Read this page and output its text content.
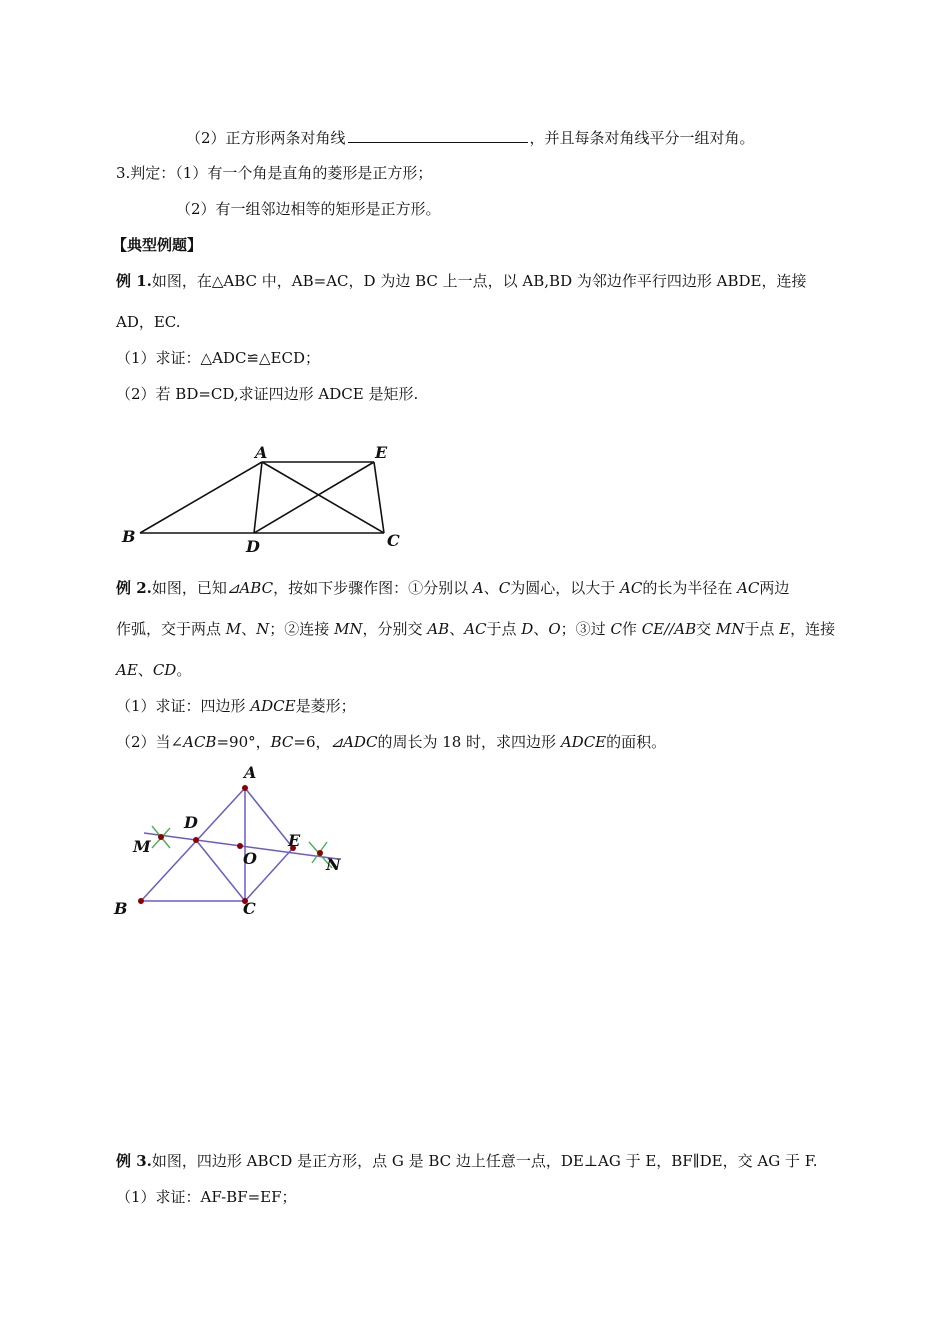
（2）正方形两条对角线	，并且每条对角线平分一组对角。
3.判定：（1）有一个角是直角的菱形是正方形；
（2）有一组邻边相等的矩形是正方形。
【典型例题】
例 1.如图，在△ABC 中，AB=AC，D 为边 BC 上一点，以 AB,BD 为邻边作平行四边形 ABDE，连接
AD，EC.
（1）求证：△ADC≌△ECD；
（2）若 BD=CD,求证四边形 ADCE 是矩形.
A	E
B
D	C
例 2.如图，已知⊿ABC，按如下步骤作图：①分别以 A、C为圆心，以大于 AC的长为半径在 AC两边
作弧，交于两点 M、N；②连接 MN，分别交 AB、AC于点 D、O；③过 C作 CE//AB交 MN于点 E，连接
AE、CD。
（1）求证：四边形 ADCE是菱形；
（2）当∠ACB=90°，BC=6，⊿ADC的周长为 18 时，求四边形 ADCE的面积。
A
D
M
O
E
N
B	C
例 3.如图，四边形 ABCD 是正方形，点 G 是 BC 边上任意一点，DE⊥AG 于 E，BF∥DE，交 AG 于 F.
（1）求证：AF-BF=EF；
